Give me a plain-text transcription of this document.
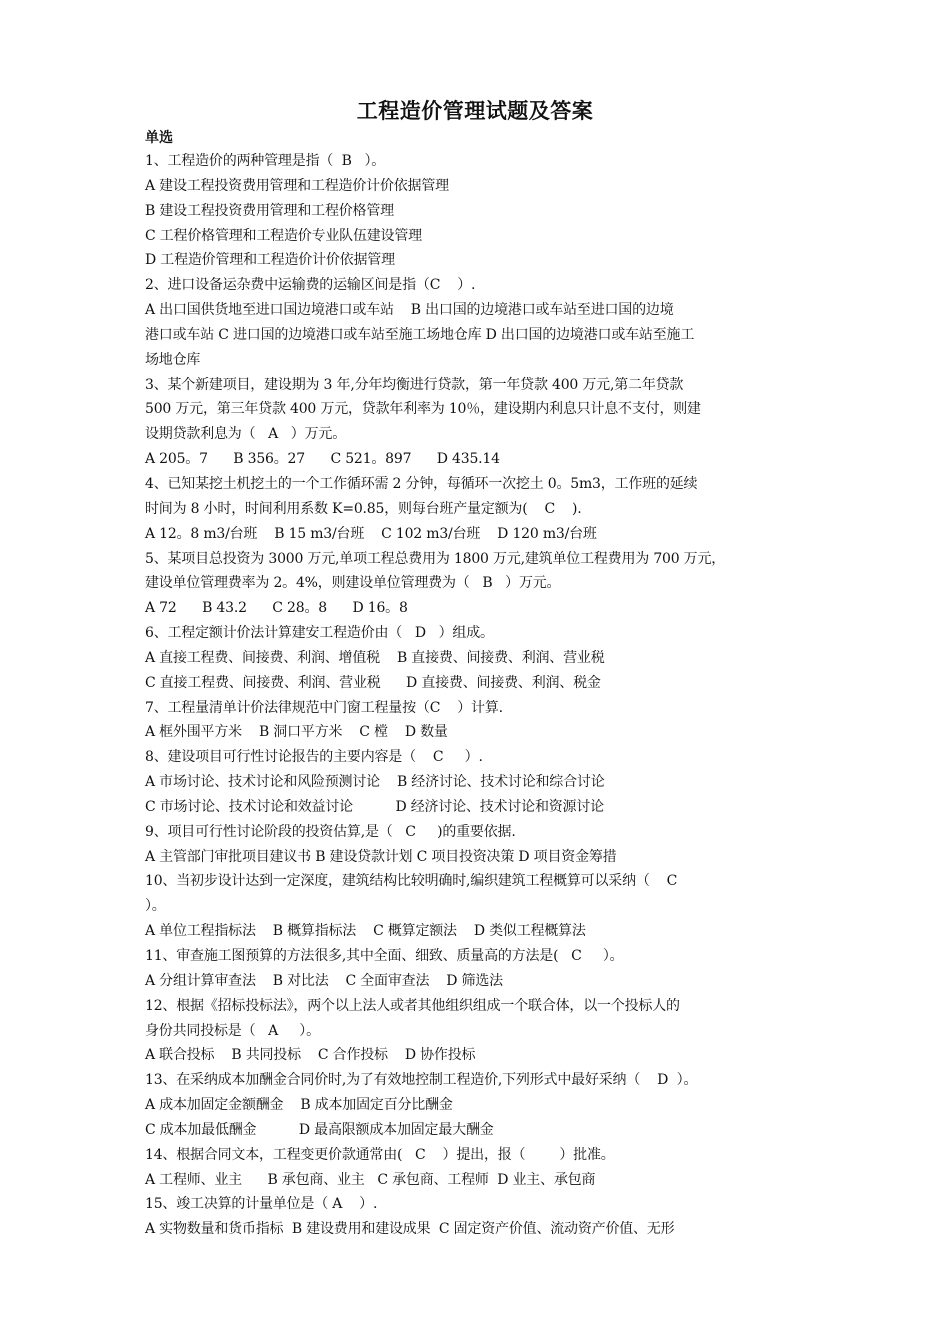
工程造价管理试题及答案
单选
1、工程造价的两种管理是指（  B   ）。
A 建设工程投资费用管理和工程造价计价依据管理
B 建设工程投资费用管理和工程价格管理
C 工程价格管理和工程造价专业队伍建设管理
D 工程造价管理和工程造价计价依据管理
2、进口设备运杂费中运输费的运输区间是指（C    ）.
A 出口国供货地至进口国边境港口或车站    B 出口国的边境港口或车站至进口国的边境
港口或车站 C 进口国的边境港口或车站至施工场地仓库 D 出口国的边境港口或车站至施工
场地仓库
3、某个新建项目，建设期为 3 年,分年均衡进行贷款，第一年贷款 400 万元,第二年贷款
500 万元，第三年贷款 400 万元，贷款年利率为 10％，建设期内利息只计息不支付，则建
设期贷款利息为（   A   ）万元。
A 205。7      B 356。27      C 521。897      D 435.14
4、已知某挖土机挖土的一个工作循环需 2 分钟，每循环一次挖土 0。5m3，工作班的延续
时间为 8 小时，时间利用系数 K=0.85，则每台班产量定额为(    C    ).
A 12。8 m3/台班    B 15 m3/台班    C 102 m3/台班    D 120 m3/台班
5、某项目总投资为 3000 万元,单项工程总费用为 1800 万元,建筑单位工程费用为 700 万元，
建设单位管理费率为 2。4%，则建设单位管理费为（   B   ）万元。
A 72      B 43.2      C 28。8      D 16。8
6、工程定额计价法计算建安工程造价由（   D   ）组成。
A 直接工程费、间接费、利润、增值税    B 直接费、间接费、利润、营业税
C 直接工程费、间接费、利润、营业税      D 直接费、间接费、利润、税金
7、工程量清单计价法律规范中门窗工程量按（C    ）计算.
A 框外围平方米    B 洞口平方米    C 樘    D 数量
8、建设项目可行性讨论报告的主要内容是（    C     ）.
A 市场讨论、技术讨论和风险预测讨论    B 经济讨论、技术讨论和综合讨论
C 市场讨论、技术讨论和效益讨论          D 经济讨论、技术讨论和资源讨论
9、项目可行性讨论阶段的投资估算,是（   C     )的重要依据.
A 主管部门审批项目建议书 B 建设贷款计划 C 项目投资决策 D 项目资金筹措
10、当初步设计达到一定深度，建筑结构比较明确时,编织建筑工程概算可以采纳（    C
）。
A 单位工程指标法    B 概算指标法    C 概算定额法    D 类似工程概算法
11、审查施工图预算的方法很多,其中全面、细致、质量高的方法是(   C     ）。
A 分组计算审查法    B 对比法    C 全面审查法    D 筛选法
12、根据《招标投标法》，两个以上法人或者其他组织组成一个联合体，以一个投标人的
身份共同投标是（   A     ）。
A 联合投标    B 共同投标    C 合作投标    D 协作投标
13、在采纳成本加酬金合同价时,为了有效地控制工程造价,下列形式中最好采纳（    D  ）。
A 成本加固定金额酬金    B 成本加固定百分比酬金
C 成本加最低酬金          D 最高限额成本加固定最大酬金
14、根据合同文本，工程变更价款通常由(   C    ）提出，报（        ）批准。
A 工程师、业主      B 承包商、业主   C 承包商、工程师  D 业主、承包商
15、竣工决算的计量单位是（ A    ）.
A 实物数量和货币指标  B 建设费用和建设成果  C 固定资产价值、流动资产价值、无形
